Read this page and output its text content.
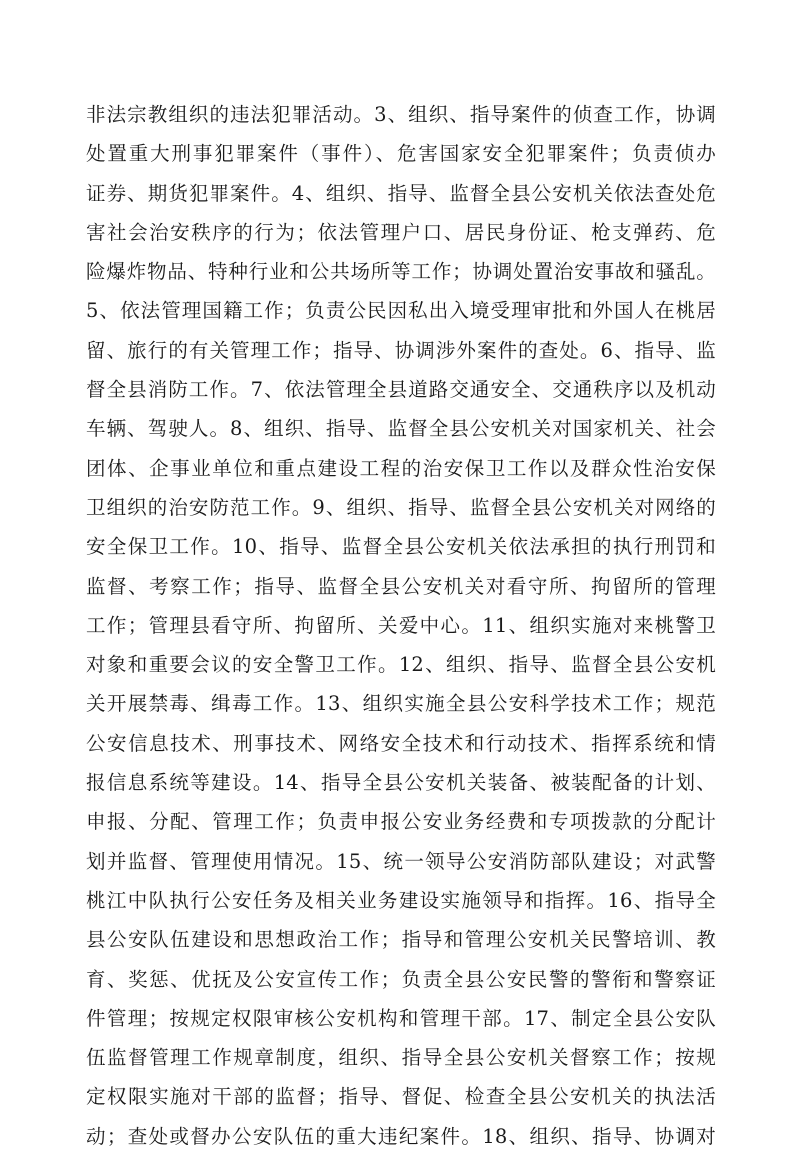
非法宗教组织的违法犯罪活动。3、组织、指导案件的侦查工作，协调
处置重大刑事犯罪案件（事件）、危害国家安全犯罪案件；负责侦办
证券、期货犯罪案件。4、组织、指导、监督全县公安机关依法查处危
害社会治安秩序的行为；依法管理户口、居民身份证、枪支弹药、危
险爆炸物品、特种行业和公共场所等工作；协调处置治安事故和骚乱。
5、依法管理国籍工作；负责公民因私出入境受理审批和外国人在桃居
留、旅行的有关管理工作；指导、协调涉外案件的查处。6、指导、监
督全县消防工作。7、依法管理全县道路交通安全、交通秩序以及机动
车辆、驾驶人。8、组织、指导、监督全县公安机关对国家机关、社会
团体、企事业单位和重点建设工程的治安保卫工作以及群众性治安保
卫组织的治安防范工作。9、组织、指导、监督全县公安机关对网络的
安全保卫工作。10、指导、监督全县公安机关依法承担的执行刑罚和
监督、考察工作；指导、监督全县公安机关对看守所、拘留所的管理
工作；管理县看守所、拘留所、关爱中心。11、组织实施对来桃警卫
对象和重要会议的安全警卫工作。12、组织、指导、监督全县公安机
关开展禁毒、缉毒工作。13、组织实施全县公安科学技术工作；规范
公安信息技术、刑事技术、网络安全技术和行动技术、指挥系统和情
报信息系统等建设。14、指导全县公安机关装备、被装配备的计划、
申报、分配、管理工作；负责申报公安业务经费和专项拨款的分配计
划并监督、管理使用情况。15、统一领导公安消防部队建设；对武警
桃江中队执行公安任务及相关业务建设实施领导和指挥。16、指导全
县公安队伍建设和思想政治工作；指导和管理公安机关民警培训、教
育、奖惩、优抚及公安宣传工作；负责全县公安民警的警衔和警察证
件管理；按规定权限审核公安机构和管理干部。17、制定全县公安队
伍监督管理工作规章制度，组织、指导全县公安机关督察工作；按规
定权限实施对干部的监督；指导、督促、检查全县公安机关的执法活
动；查处或督办公安队伍的重大违纪案件。18、组织、指导、协调对
